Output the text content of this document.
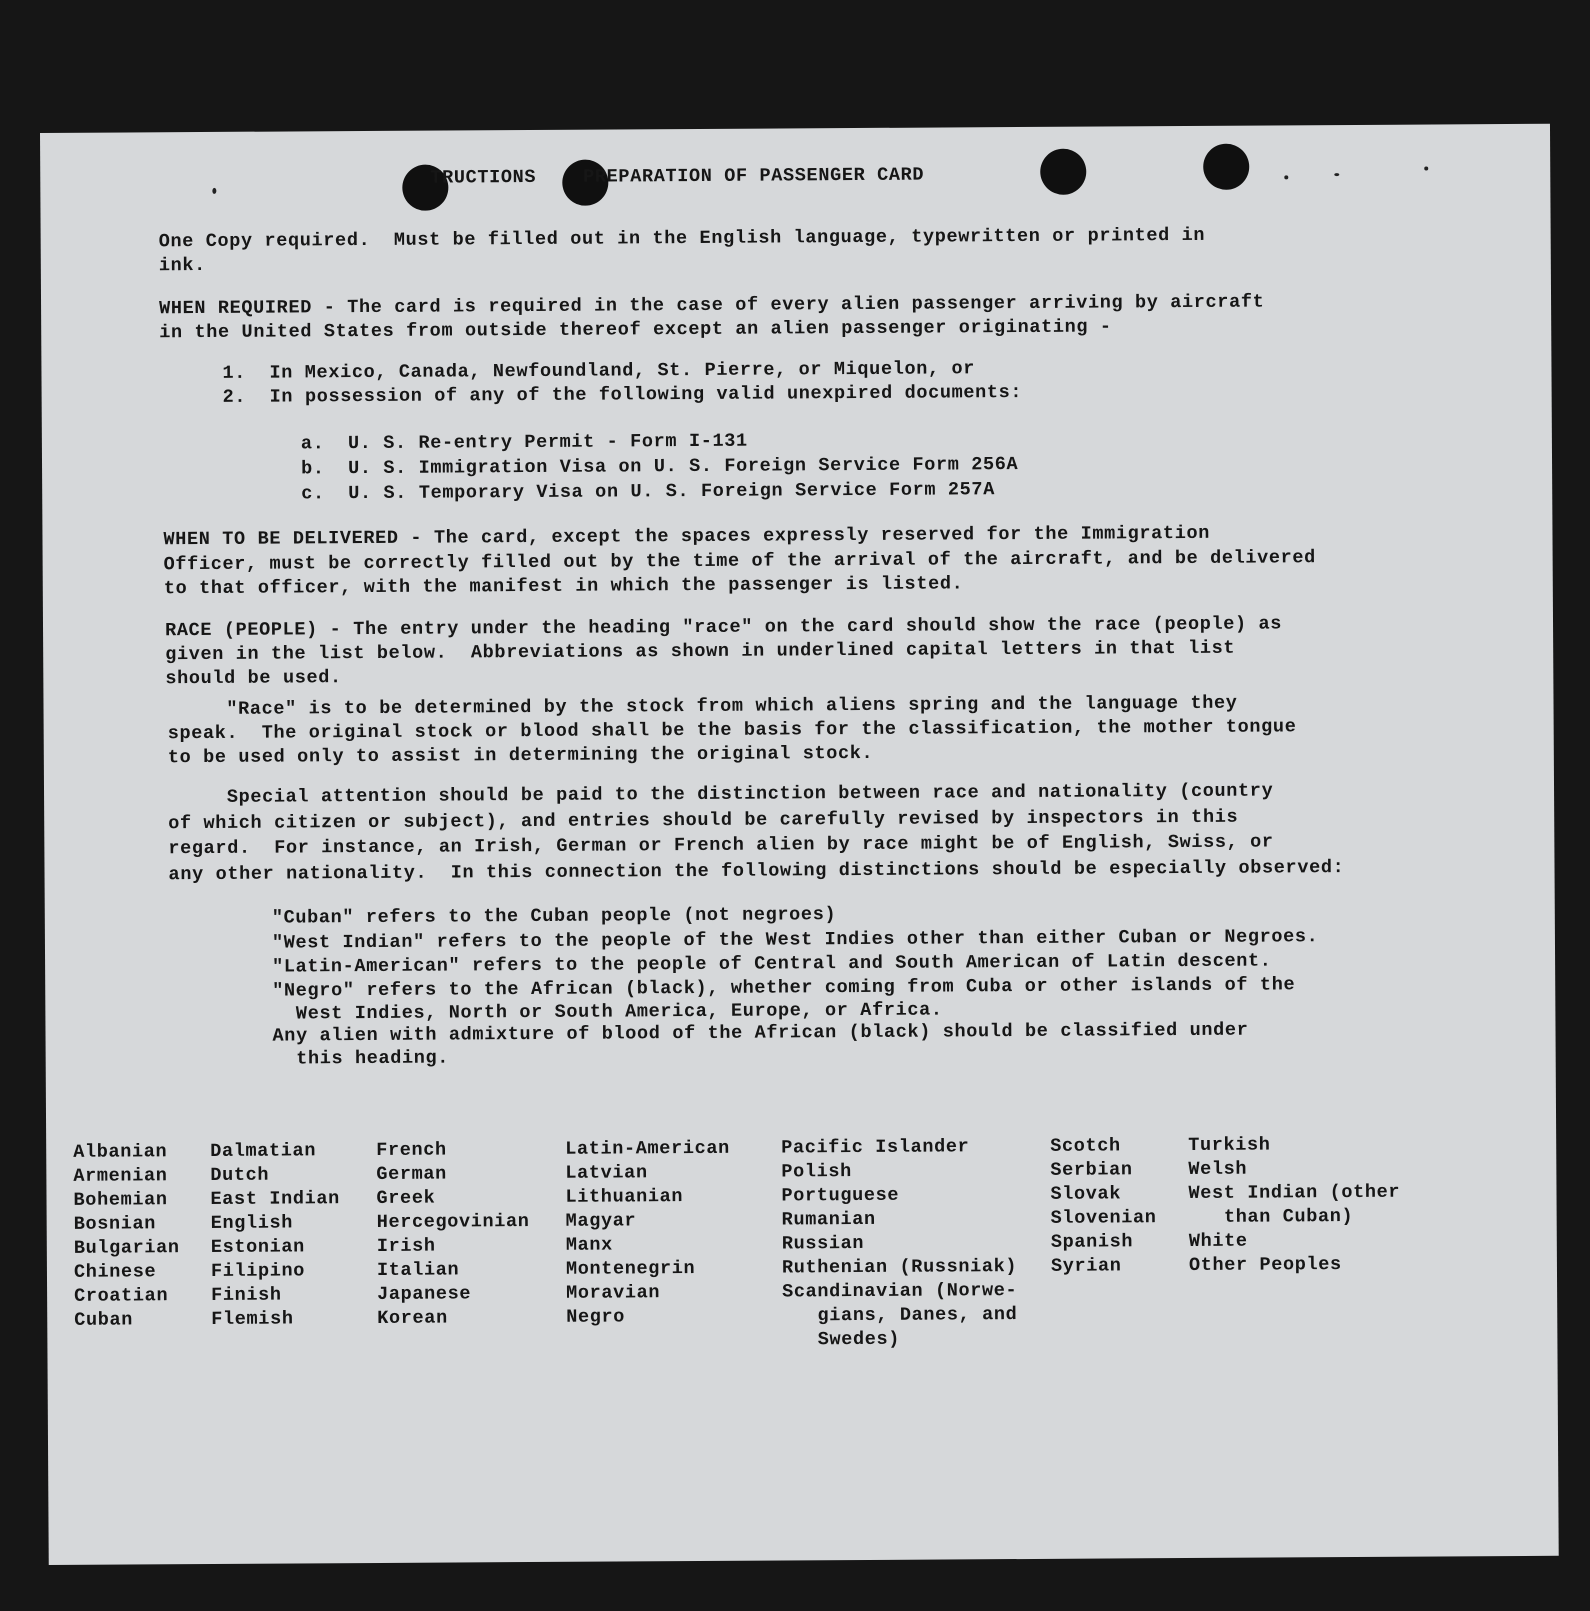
TRUCTIONS    PREPARATION OF PASSENGER CARD
One Copy required.  Must be filled out in the English language, typewritten or printed in
ink.
WHEN REQUIRED - The card is required in the case of every alien passenger arriving by aircraft
in the United States from outside thereof except an alien passenger originating -
1.  In Mexico, Canada, Newfoundland, St. Pierre, or Miquelon, or
2.  In possession of any of the following valid unexpired documents:
a.  U. S. Re-entry Permit - Form I-131
b.  U. S. Immigration Visa on U. S. Foreign Service Form 256A
c.  U. S. Temporary Visa on U. S. Foreign Service Form 257A
WHEN TO BE DELIVERED - The card, except the spaces expressly reserved for the Immigration
Officer, must be correctly filled out by the time of the arrival of the aircraft, and be delivered
to that officer, with the manifest in which the passenger is listed.
RACE (PEOPLE) - The entry under the heading "race" on the card should show the race (people) as
given in the list below.  Abbreviations as shown in underlined capital letters in that list
should be used.
"Race" is to be determined by the stock from which aliens spring and the language they
speak.  The original stock or blood shall be the basis for the classification, the mother tongue
to be used only to assist in determining the original stock.
Special attention should be paid to the distinction between race and nationality (country
of which citizen or subject), and entries should be carefully revised by inspectors in this
regard.  For instance, an Irish, German or French alien by race might be of English, Swiss, or
any other nationality.  In this connection the following distinctions should be especially observed:
"Cuban" refers to the Cuban people (not negroes)
"West Indian" refers to the people of the West Indies other than either Cuban or Negroes.
"Latin-American" refers to the people of Central and South American of Latin descent.
"Negro" refers to the African (black), whether coming from Cuba or other islands of the
West Indies, North or South America, Europe, or Africa.
Any alien with admixture of blood of the African (black) should be classified under
this heading.
Albanian
Armenian
Bohemian
Bosnian
Bulgarian
Chinese
Croatian
Cuban
Dalmatian
Dutch
East Indian
English
Estonian
Filipino
Finish
Flemish
French
German
Greek
Hercegovinian
Irish
Italian
Japanese
Korean
Latin-American
Latvian
Lithuanian
Magyar
Manx
Montenegrin
Moravian
Negro
Pacific Islander
Polish
Portuguese
Rumanian
Russian
Ruthenian (Russniak)
Scandinavian (Norwe-
gians, Danes, and
Swedes)
Scotch
Serbian
Slovak
Slovenian
Spanish
Syrian
Turkish
Welsh
West Indian (other
than Cuban)
White
Other Peoples
